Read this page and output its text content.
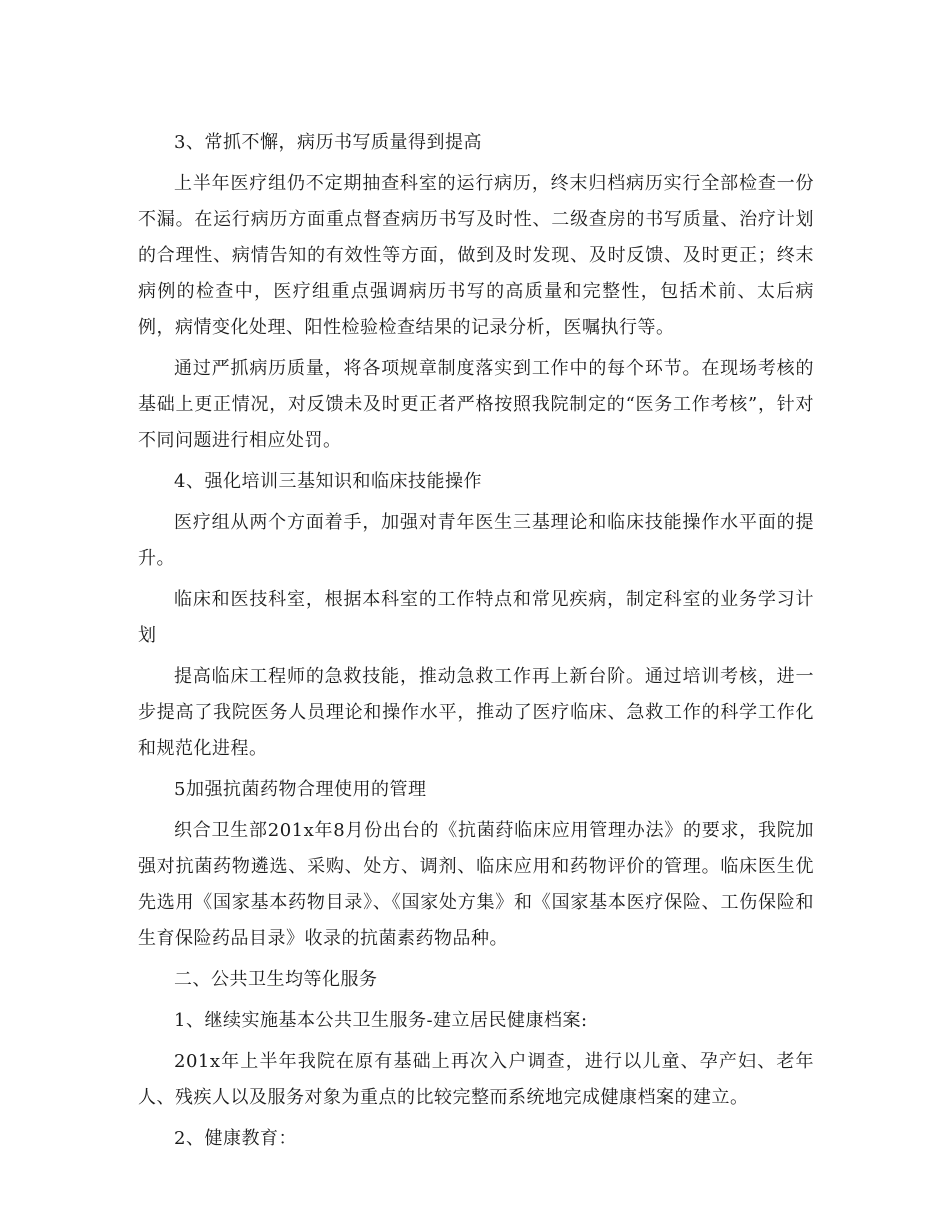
3、常抓不懈，病历书写质量得到提高

上半年医疗组仍不定期抽查科室的运行病历，终末归档病历实行全部检查一份不漏。在运行病历方面重点督查病历书写及时性、二级查房的书写质量、治疗计划的合理性、病情告知的有效性等方面，做到及时发现、及时反馈、及时更正；终末病例的检查中，医疗组重点强调病历书写的高质量和完整性，包括术前、太后病例，病情变化处理、阳性检验检查结果的记录分析，医嘱执行等。

通过严抓病历质量，将各项规章制度落实到工作中的每个环节。在现场考核的基础上更正情况，对反馈未及时更正者严格按照我院制定的“医务工作考核”，针对不同问题进行相应处罚。

4、强化培训三基知识和临床技能操作

医疗组从两个方面着手，加强对青年医生三基理论和临床技能操作水平面的提升。

临床和医技科室，根据本科室的工作特点和常见疾病，制定科室的业务学习计划

提高临床工程师的急救技能，推动急救工作再上新台阶。通过培训考核，进一步提高了我院医务人员理论和操作水平，推动了医疗临床、急救工作的科学工作化和规范化进程。

5加强抗菌药物合理使用的管理

织合卫生部201x年8月份出台的《抗菌荮临床应用管理办法》的要求，我院加强对抗菌药物遴选、采购、处方、调剂、临床应用和药物评价的管理。临床医生优先选用《国家基本药物目录》、《国家处方集》和《国家基本医疗保险、工伤保险和生育保险药品目录》收录的抗菌素药物品种。

二、公共卫生均等化服务

1、继续实施基本公共卫生服务-建立居民健康档案:

201x年上半年我院在原有基础上再次入户调查，进行以儿童、孕产妇、老年人、残疾人以及服务对象为重点的比较完整而系统地完成健康档案的建立。

2、健康教育：
